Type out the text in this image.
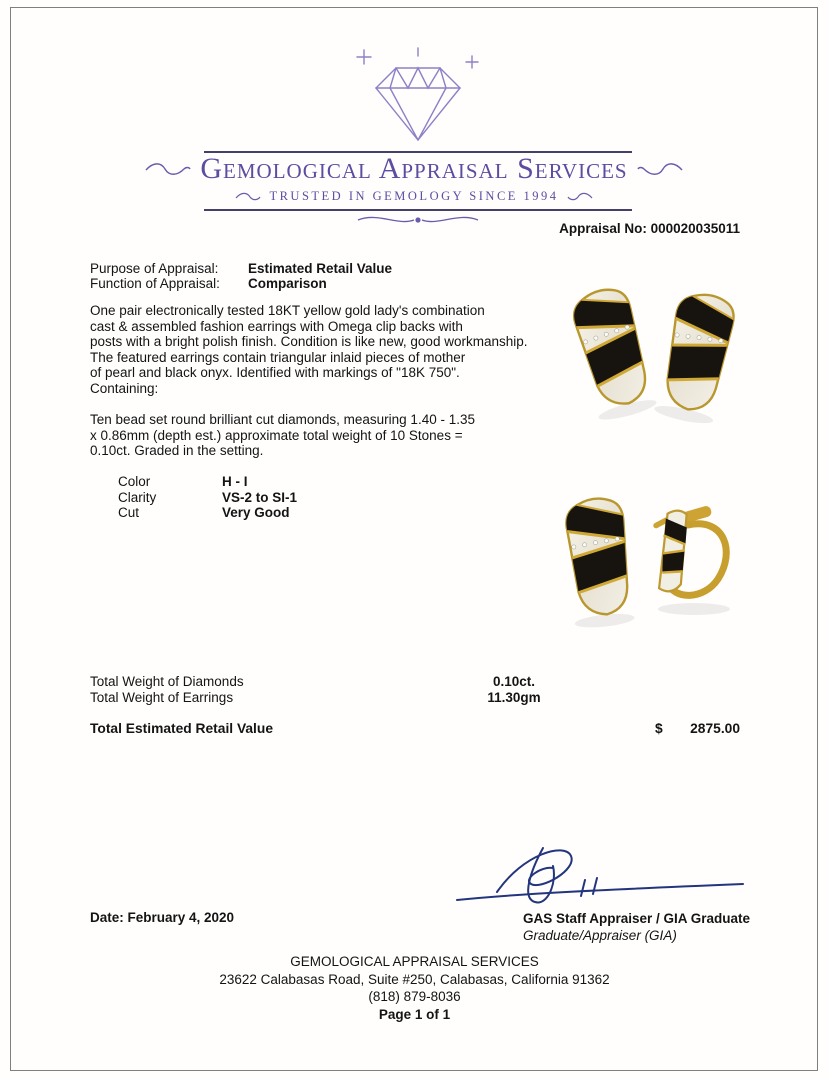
Gemological Appraisal Services
TRUSTED IN GEMOLOGY SINCE 1994
Appraisal No: 000020035011
Purpose of Appraisal: Estimated Retail Value
Function of Appraisal: Comparison
One pair electronically tested 18KT yellow gold lady's combination
cast & assembled fashion earrings with Omega clip backs with
posts with a bright polish finish. Condition is like new, good workmanship.
The featured earrings contain triangular inlaid pieces of mother
of pearl and black onyx. Identified with markings of "18K 750".
Containing:
Ten bead set round brilliant cut diamonds, measuring 1.40 - 1.35
x 0.86mm (depth est.) approximate total weight of 10 Stones =
0.10ct. Graded in the setting.
Color	H - I
Clarity	VS-2 to SI-1
Cut	Very Good
Total Weight of Diamonds	0.10ct.
Total Weight of Earrings	11.30gm
Total Estimated Retail Value	$	2875.00
GAS Staff Appraiser / GIA Graduate
Graduate/Appraiser (GIA)
Date: February 4, 2020
GEMOLOGICAL APPRAISAL SERVICES
23622 Calabasas Road, Suite #250, Calabasas, California 91362
(818) 879-8036
Page 1 of 1
